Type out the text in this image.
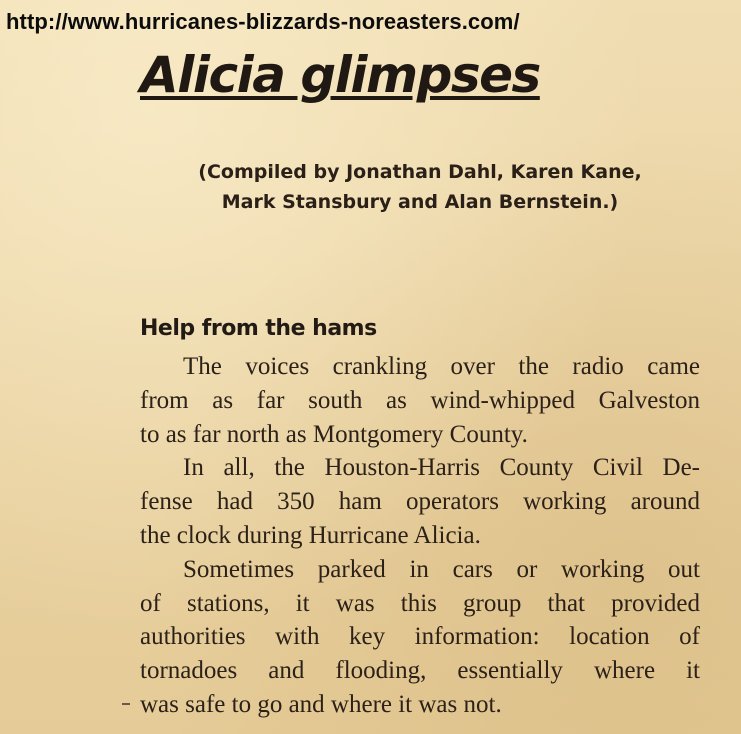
http://www.hurricanes-blizzards-noreasters.com/
Alicia glimpses
(Compiled by Jonathan Dahl, Karen Kane,
Mark Stansbury and Alan Bernstein.)
Help from the hams
The voices crankling over the radio came
from as far south as wind-whipped Galveston
to as far north as Montgomery County.
In all, the Houston-Harris County Civil De-
fense had 350 ham operators working around
the clock during Hurricane Alicia.
Sometimes parked in cars or working out
of stations, it was this group that provided
authorities with key information: location of
tornadoes and flooding, essentially where it
was safe to go and where it was not.
